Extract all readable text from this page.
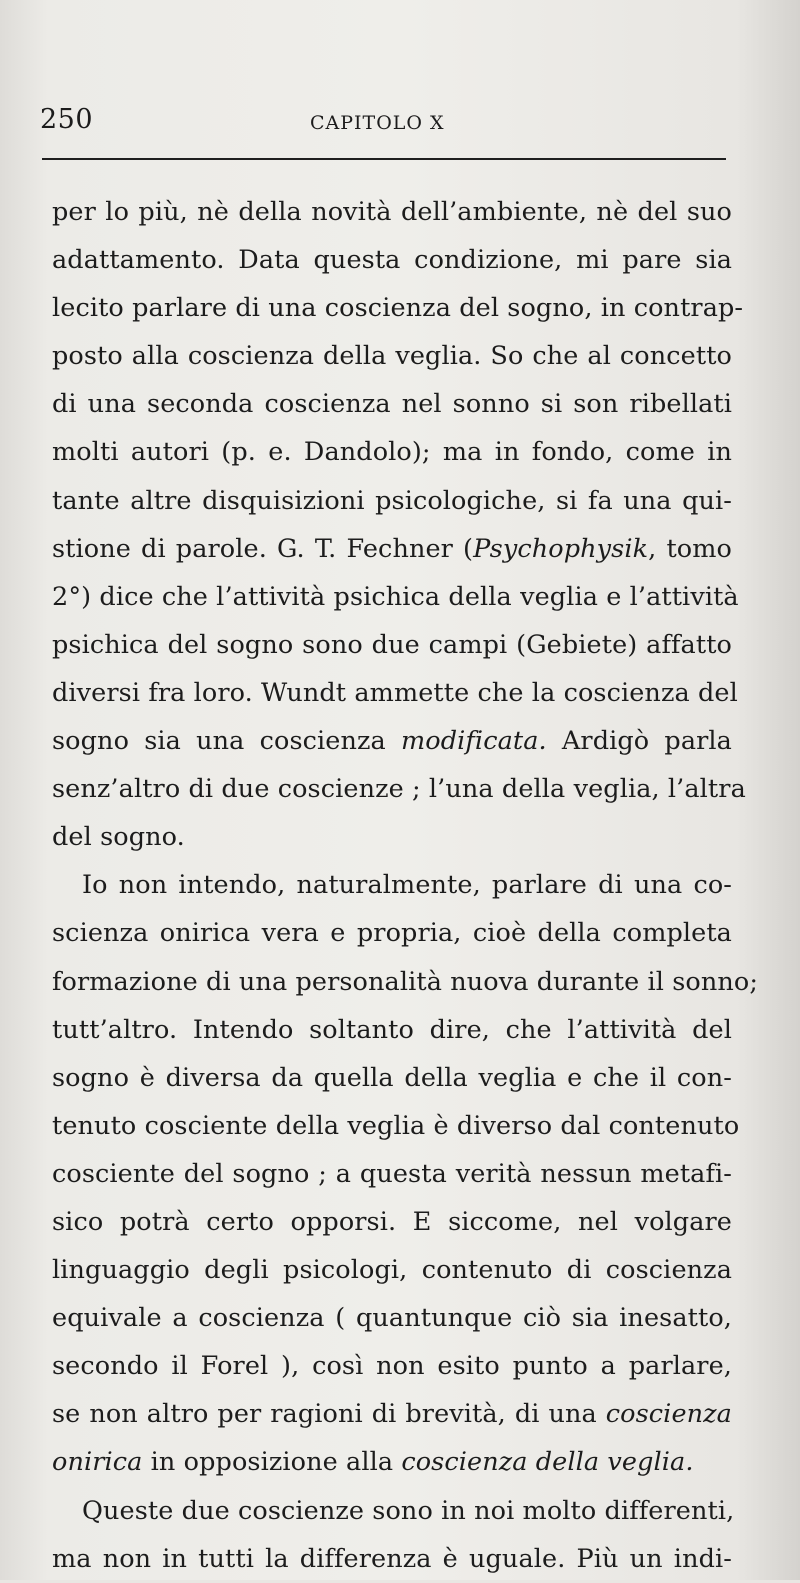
250	CAPITOLO X
per lo più, nè della novità dell’ambiente, nè del suo
adattamento. Data questa condizione, mi pare sia
lecito parlare di una coscienza del sogno, in contrap-
posto alla coscienza della veglia. So che al concetto
di una seconda coscienza nel sonno si son ribellati
molti autori (p. e. Dandolo); ma in fondo, come in
tante altre disquisizioni psicologiche, si fa una qui-
stione di parole. G. T. Fechner (Psychophysik, tomo
2°) dice che l’attività psichica della veglia e l’attività
psichica del sogno sono due campi (Gebiete) affatto
diversi fra loro. Wundt ammette che la coscienza del
sogno sia una coscienza modificata. Ardigò parla
senz’altro di due coscienze ; l’una della veglia, l’altra
del sogno.
Io non intendo, naturalmente, parlare di una co-
scienza onirica vera e propria, cioè della completa
formazione di una personalità nuova durante il sonno;
tutt’altro. Intendo soltanto dire, che l’attività del
sogno è diversa da quella della veglia e che il con-
tenuto cosciente della veglia è diverso dal contenuto
cosciente del sogno ; a questa verità nessun metafi-
sico potrà certo opporsi. E siccome, nel volgare
linguaggio degli psicologi, contenuto di coscienza
equivale a coscienza ( quantunque ciò sia inesatto,
secondo il Forel ), così non esito punto a parlare,
se non altro per ragioni di brevità, di una coscienza
onirica in opposizione alla coscienza della veglia.
Queste due coscienze sono in noi molto differenti,
ma non in tutti la differenza è uguale. Più un indi-
